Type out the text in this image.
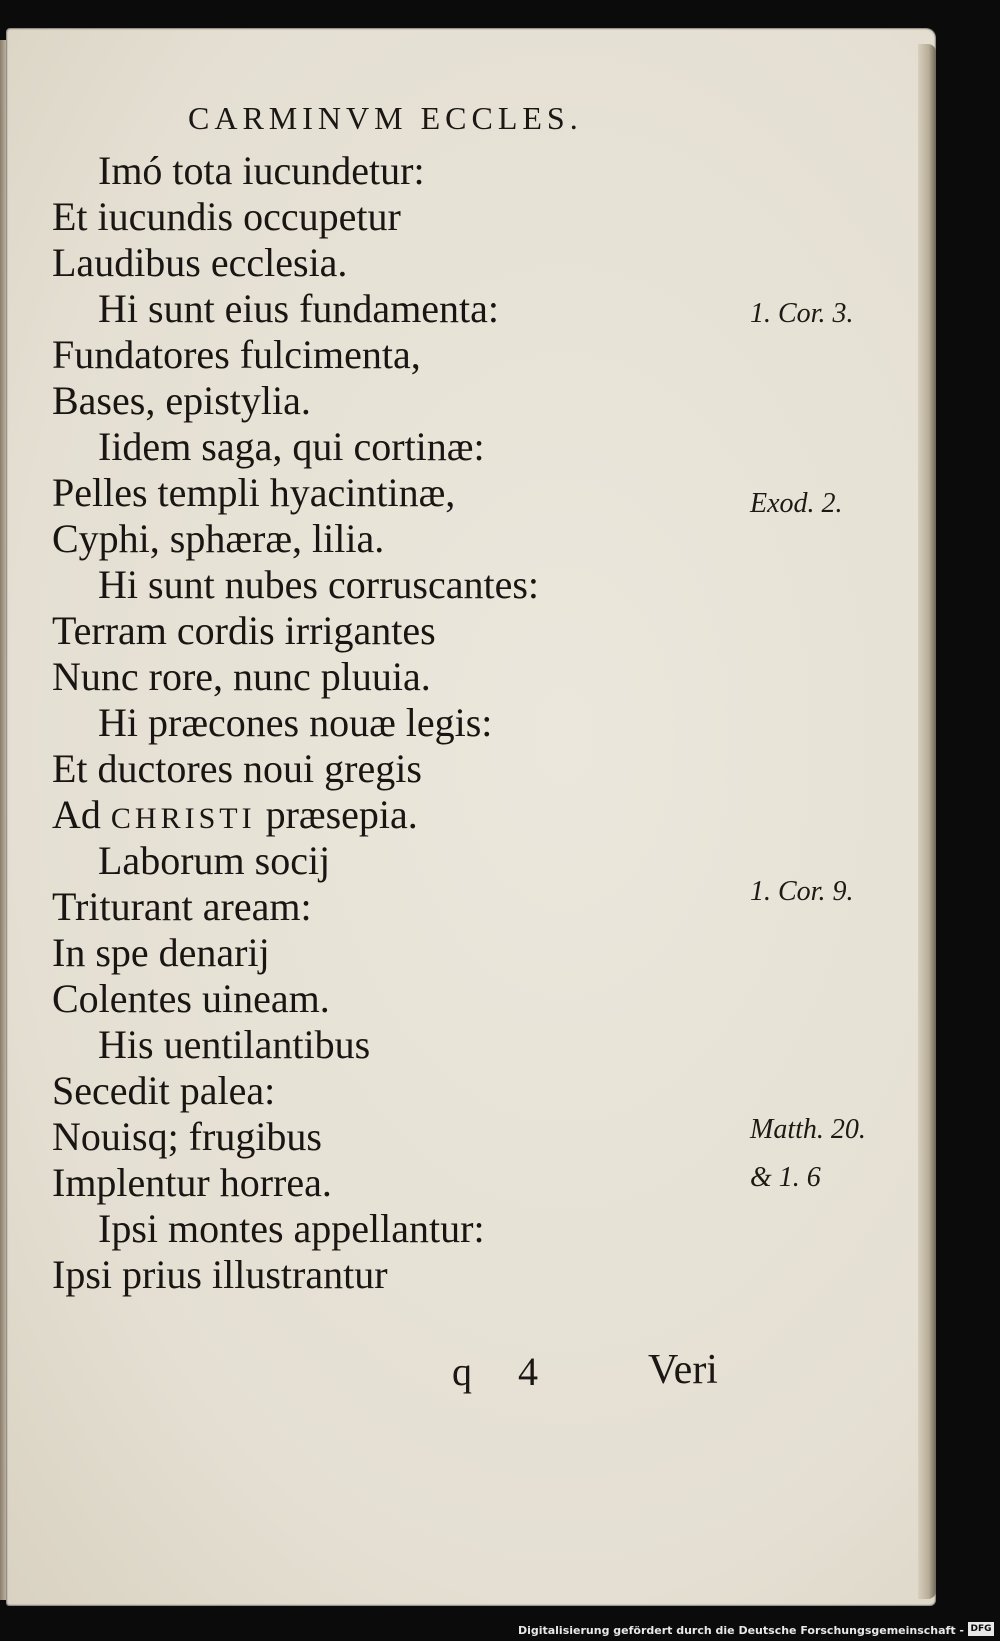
CARMINVM ECCLES.
Imó tota iucundetur:
Et iucundis occupetur
Laudibus ecclesia.
Hi sunt eius fundamenta:
Fundatores fulcimenta,
Bases, epistylia.
Iidem saga, qui cortinæ:
Pelles templi hyacintinæ,
Cyphi, sphæræ, lilia.
Hi sunt nubes corruscantes:
Terram cordis irrigantes
Nunc rore, nunc pluuia.
Hi præcones nouæ legis:
Et ductores noui gregis
Ad CHRISTI præsepia.
Laborum socij
Triturant aream:
In spe denarij
Colentes uineam.
His uentilantibus
Secedit palea:
Nouisq; frugibus
Implentur horrea.
Ipsi montes appellantur:
Ipsi prius illustrantur
1. Cor. 3.
Exod. 2.
1. Cor. 9.
Matth. 20.
& 1. 6
q 4 Veri
Digitalisierung gefördert durch die Deutsche Forschungsgemeinschaft - DFG
